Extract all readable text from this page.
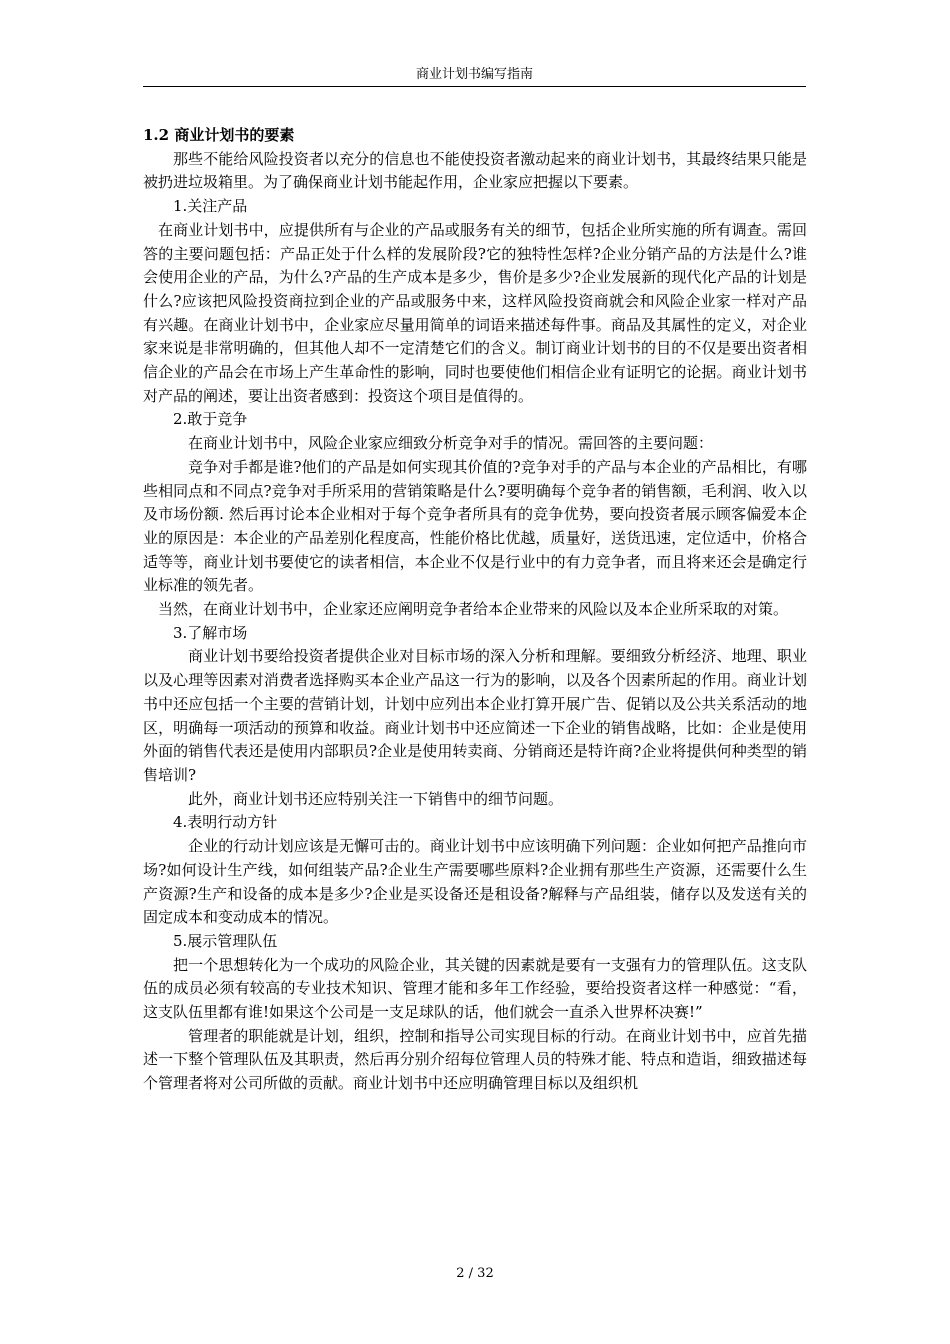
商业计划书编写指南

1.2 商业计划书的要素

那些不能给风险投资者以充分的信息也不能使投资者激动起来的商业计划书，其最终结果只能是被扔进垃圾箱里。为了确保商业计划书能起作用，企业家应把握以下要素。

1.关注产品

在商业计划书中，应提供所有与企业的产品或服务有关的细节，包括企业所实施的所有调查。需回答的主要问题包括：产品正处于什么样的发展阶段?它的独特性怎样?企业分销产品的方法是什么?谁会使用企业的产品，为什么?产品的生产成本是多少，售价是多少?企业发展新的现代化产品的计划是什么?应该把风险投资商拉到企业的产品或服务中来，这样风险投资商就会和风险企业家一样对产品有兴趣。在商业计划书中，企业家应尽量用简单的词语来描述每件事。商品及其属性的定义，对企业家来说是非常明确的，但其他人却不一定清楚它们的含义。制订商业计划书的目的不仅是要出资者相信企业的产品会在市场上产生革命性的影响，同时也要使他们相信企业有证明它的论据。商业计划书对产品的阐述，要让出资者感到：投资这个项目是值得的。

2.敢于竞争

在商业计划书中，风险企业家应细致分析竞争对手的情况。需回答的主要问题：

竞争对手都是谁?他们的产品是如何实现其价值的?竞争对手的产品与本企业的产品相比，有哪些相同点和不同点?竞争对手所采用的营销策略是什么?要明确每个竞争者的销售额，毛利润、收入以及市场份额. 然后再讨论本企业相对于每个竞争者所具有的竞争优势，要向投资者展示顾客偏爱本企业的原因是：本企业的产品差别化程度高，性能价格比优越，质量好，送货迅速，定位适中，价格合适等等，商业计划书要使它的读者相信，本企业不仅是行业中的有力竞争者，而且将来还会是确定行业标准的领先者。

当然，在商业计划书中，企业家还应阐明竞争者给本企业带来的风险以及本企业所采取的对策。

3.了解市场

商业计划书要给投资者提供企业对目标市场的深入分析和理解。要细致分析经济、地理、职业以及心理等因素对消费者选择购买本企业产品这一行为的影响，以及各个因素所起的作用。商业计划书中还应包括一个主要的营销计划，计划中应列出本企业打算开展广告、促销以及公共关系活动的地区，明确每一项活动的预算和收益。商业计划书中还应简述一下企业的销售战略，比如：企业是使用外面的销售代表还是使用内部职员?企业是使用转卖商、分销商还是特许商?企业将提供何种类型的销售培训?

此外，商业计划书还应特别关注一下销售中的细节问题。

4.表明行动方针

企业的行动计划应该是无懈可击的。商业计划书中应该明确下列问题：企业如何把产品推向市场?如何设计生产线，如何组装产品?企业生产需要哪些原料?企业拥有那些生产资源，还需要什么生产资源?生产和设备的成本是多少?企业是买设备还是租设备?解释与产品组装，储存以及发送有关的固定成本和变动成本的情况。

5.展示管理队伍

把一个思想转化为一个成功的风险企业，其关键的因素就是要有一支强有力的管理队伍。这支队伍的成员必须有较高的专业技术知识、管理才能和多年工作经验，要给投资者这样一种感觉：“看，这支队伍里都有谁!如果这个公司是一支足球队的话，他们就会一直杀入世界杯决赛!”

管理者的职能就是计划，组织，控制和指导公司实现目标的行动。在商业计划书中，应首先描述一下整个管理队伍及其职责，然后再分别介绍每位管理人员的特殊才能、特点和造诣，细致描述每个管理者将对公司所做的贡献。商业计划书中还应明确管理目标以及组织机

2 / 32
